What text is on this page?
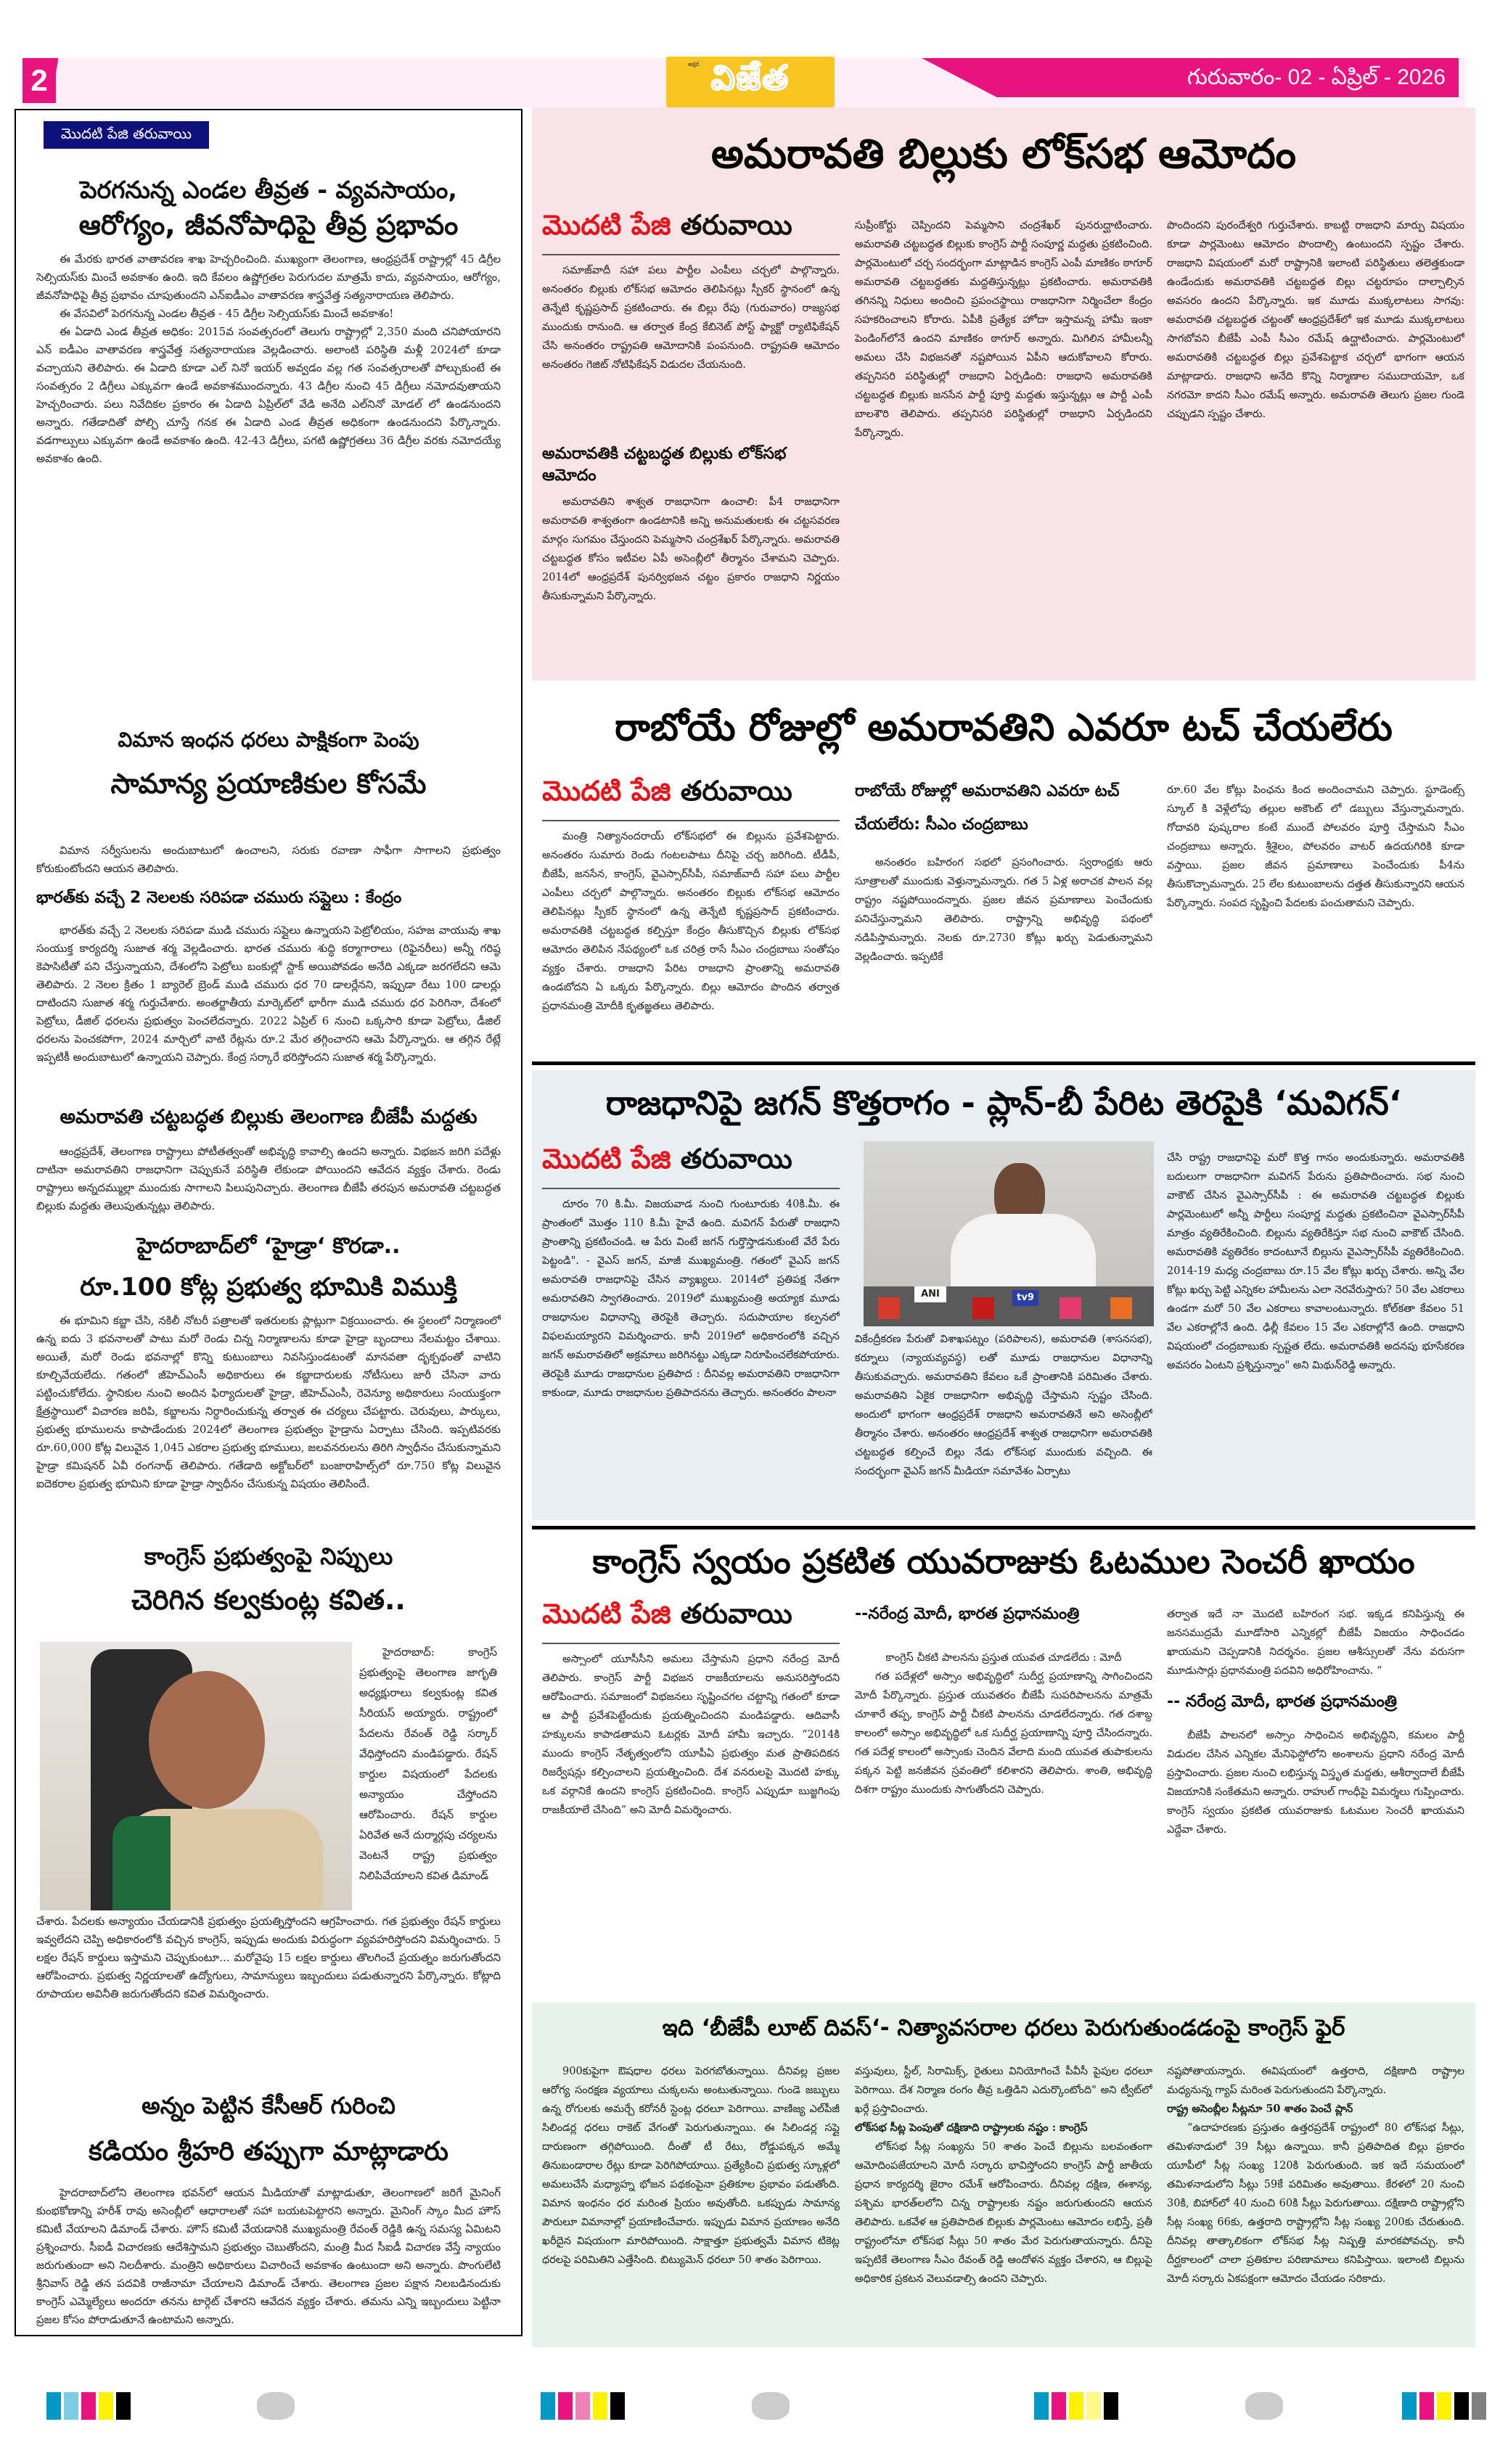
2	అక్షర విజేత	గురువారం- 02 - ఏప్రిల్ - 2026
మొదటి పేజి తరువాయి
పెరగనున్న ఎండల తీవ్రత - వ్యవసాయం,
ఆరోగ్యం, జీవనోపాధిపై తీవ్ర ప్రభావం

ఈ మేరకు భారత వాతావరణ శాఖ హెచ్చరించింది. ముఖ్యంగా తెలంగాణ, ఆంధ్రప్రదేశ్ రాష్ట్రాల్లో 45 డిగ్రీల సెల్సియస్‌కు మించే అవకాశం ఉంది. ఇది కేవలం ఉష్ణోగ్రతల పెరుగుదల మాత్రమే కాదు, వ్యవసాయం, ఆరోగ్యం, జీవనోపాధిపై తీవ్ర ప్రభావం చూపుతుందని ఎన్ఐడీఎం వాతావరణ శాస్త్రవేత్త సత్యనారాయణ తెలిపారు.

ఈ వేసవిలో పెరగనున్న ఎండల తీవ్రత - 45 డిగ్రీల సెల్సియస్‌కు మించే అవకాశం!

ఈ ఏడాది ఎండ తీవ్రత అధికం: 2015వ సంవత్సరంలో తెలుగు రాష్ట్రాల్లో 2,350 మంది చనిపోయారని ఎన్ ఐడీఎం వాతావరణ శాస్త్రవేత్త సత్యనారాయణ వెల్లడించారు. అలాంటి పరిస్థితి మళ్లీ 2024లో కూడా వచ్చాయని తెలిపారు. ఈ ఏడాది కూడా ఎల్ నినో ఇయర్ అవ్వడం వల్ల గత సంవత్సరాలతో పోల్చుకుంటే ఈ సంవత్సరం 2 డిగ్రీలు ఎక్కువగా ఉండే అవకాశముందన్నారు. 43 డిగ్రీల నుంచి 45 డిగ్రీలు నమోదవుతాయని హెచ్చరించారు. పలు నివేదికల ప్రకారం ఈ ఏడాది ఏప్రిల్‌లో వేడి అనేది ఎల్‌నినో మోడల్ లో ఉండనుందని అన్నారు. గతేడాదితో పోల్చి చూస్తే గనక ఈ ఏడాది ఎండ తీవ్రత అధికంగా ఉండనుందని పేర్కొన్నారు. వడగాల్పులు ఎక్కువగా ఉండే అవకాశం ఉంది. 42-43 డిగ్రీలు, పగటి ఉష్ణోగ్రతలు 36 డిగ్రీల వరకు నమోదయ్యే అవకాశం ఉంది.

విమాన ఇంధన ధరలు పాక్షికంగా పెంపు
సామాన్య ప్రయాణికుల కోసమే

విమాన సర్వీసులను అందుబాటులో ఉంచాలని, సరుకు రవాణా సాఫీగా సాగాలని ప్రభుత్వం కోరుకుంటోందని ఆయన తెలిపారు.

భారత్‌కు వచ్చే 2 నెలలకు సరిపడా చమురు సప్లైలు : కేంద్రం

భారత్‌కు వచ్చే 2 నెలలకు సరిపడా ముడి చమురు సప్లైలు ఉన్నాయని పెట్రోలియం, సహజ వాయువు శాఖ సంయుక్త కార్యదర్శి సుజాత శర్మ వెల్లడించారు. భారత చమురు శుద్ధి కర్మాగారాలు (రిఫైనరీలు) అన్నీ గరిష్ఠ కెపాసిటీతో పని చేస్తున్నాయని, దేశంలోని పెట్రోలు బంకుల్లో స్టాక్ అయిపోవడం అనేది ఎక్కడా జరగలేదని ఆమె తెలిపారు. 2 నెలల క్రితం 1 బ్యారెల్ బ్రెండ్ ముడి చమురు ధర 70 డాలర్లేనని, ఇప్పుడా రేటు 100 డాలర్లు దాటిందని సుజాత శర్మ గుర్తుచేశారు. అంతర్జాతీయ మార్కెట్‌లో భారీగా ముడి చమురు ధర పెరిగినా, దేశంలో పెట్రోలు, డీజిల్ ధరలను ప్రభుత్వం పెంచలేదన్నారు. 2022 ఏప్రిల్ 6 నుంచి ఒక్కసారి కూడా పెట్రోలు, డీజిల్ ధరలను పెంచకపోగా, 2024 మార్చిలో వాటి రేట్లను రూ.2 మేర తగ్గించారని ఆమె పేర్కొన్నారు. ఆ తగ్గిన రేట్లే ఇప్పటికీ అందుబాటులో ఉన్నాయని చెప్పారు. కేంద్ర సర్కారే భరిస్తోందని సుజాత శర్మ పేర్కొన్నారు.

అమరావతి చట్టబద్ధత బిల్లుకు తెలంగాణ బీజేపీ మద్దతు

ఆంధ్రప్రదేశ్, తెలంగాణ రాష్ట్రాలు పోటీతత్వంతో అభివృద్ధి కావాల్సి ఉందని అన్నారు. విభజన జరిగి పదేళ్లు దాటినా అమరావతిని రాజధానిగా చెప్పుకునే పరిస్థితి లేకుండా పోయిందని ఆవేదన వ్యక్తం చేశారు. రెండు రాష్ట్రాలు అన్నదమ్ముల్లా ముందుకు సాగాలని పిలుపునిచ్చారు. తెలంగాణ బీజేపీ తరపున అమరావతి చట్టబద్ధత బిల్లుకు మద్దతు తెలుపుతున్నట్లు తెలిపారు.

హైదరాబాద్‌లో ‘హైడ్రా‘ కొరడా..
రూ.100 కోట్ల ప్రభుత్వ భూమికి విముక్తి

ఈ భూమిని కబ్జా చేసి, నకిలీ నోటరీ పత్రాలతో ఇతరులకు ప్లాట్లుగా విక్రయించారు. ఈ స్థలంలో నిర్మాణంలో ఉన్న ఐదు 3 భవనాలతో పాటు మరో రెండు చిన్న నిర్మాణాలను కూడా హైడ్రా బృందాలు నేలమట్టం చేశాయి. అయితే, మరో రెండు భవనాల్లో కొన్ని కుటుంబాలు నివసిస్తుండటంతో మానవతా దృక్పథంతో వాటిని కూల్చివేయలేదు. గతంలో జీహెచ్ఎంసీ అధికారులు ఈ కబ్జాదారులకు నోటీసులు జారీ చేసినా వారు పట్టించుకోలేదు. స్థానికుల నుంచి అందిన ఫిర్యాదులతో హైడ్రా, జీహెచ్ఎంసీ, రెవెన్యూ అధికారులు సంయుక్తంగా క్షేత్రస్థాయిలో విచారణ జరిపి, కబ్జాలను నిర్ధారించుకున్న తర్వాత ఈ చర్యలు చేపట్టారు. చెరువులు, పార్కులు, ప్రభుత్వ భూములను కాపాడేందుకు 2024లో తెలంగాణ ప్రభుత్వం హైడ్రాను ఏర్పాటు చేసింది. ఇప్పటివరకు రూ.60,000 కోట్ల విలువైన 1,045 ఎకరాల ప్రభుత్వ భూములు, జలవనరులను తిరిగి స్వాధీనం చేసుకున్నామని హైడ్రా కమిషనర్ ఏవీ రంగనాథ్ తెలిపారు. గతేడాది అక్టోబర్‌లో బంజారాహిల్స్‌లో రూ.750 కోట్ల విలువైన ఐదెకరాల ప్రభుత్వ భూమిని కూడా హైడ్రా స్వాధీనం చేసుకున్న విషయం తెలిసిందే.

కాంగ్రెస్ ప్రభుత్వంపై నిప్పులు
చెరిగిన కల్వకుంట్ల కవిత..

హైదరాబాద్: కాంగ్రెస్ ప్రభుత్వంపై తెలంగాణ జాగృతి అధ్యక్షురాలు కల్వకుంట్ల కవిత సీరియస్ అయ్యారు. రాష్ట్రంలో పేదలను రేవంత్ రెడ్డి సర్కార్ వేధిస్తోందని మండిపడ్డారు. రేషన్ కార్డుల విషయంలో పేదలకు అన్యాయం చేస్తోందని ఆరోపించారు. రేషన్ కార్డుల ఏరివేత అనే దుర్మార్గపు చర్యలను వెంటనే రాష్ట్ర ప్రభుత్వం నిలిపివేయాలని కవిత డిమాండ్

చేశారు. పేదలకు అన్యాయం చేయడానికి ప్రభుత్వం ప్రయత్నిస్తోందని ఆగ్రహించారు. గత ప్రభుత్వం రేషన్ కార్డులు ఇవ్వలేదని చెప్పి అధికారంలోకి వచ్చిన కాంగ్రెస్, ఇప్పుడు అందుకు విరుద్ధంగా వ్యవహరిస్తోందని విమర్శించారు. 5 లక్షల రేషన్ కార్డులు ఇస్తామని చెప్పుకుంటూ... మరోవైపు 15 లక్షల కార్డులు తొలగించే ప్రయత్నం జరుగుతోందని ఆరోపించారు. ప్రభుత్వ నిర్ణయాలతో ఉద్యోగులు, సామాన్యులు ఇబ్బందులు పడుతున్నారని పేర్కొన్నారు. కోట్లాది రూపాయల అవినీతి జరుగుతోందని కవిత విమర్శించారు.

అన్నం పెట్టిన కేసీఆర్ గురించి
కడియం శ్రీహరి తప్పుగా మాట్లాడారు

హైదరాబాద్‌లోని తెలంగాణ భవన్‌లో ఆయన మీడియాతో మాట్లాడుతూ, తెలంగాణలో జరిగే మైనింగ్ కుంభకోణాన్ని హరీశ్ రావు అసెంబ్లీలో ఆధారాలతో సహా బయటపెట్టారని అన్నారు. మైనింగ్ స్కాం మీద హౌస్ కమిటీ వేయాలని డిమాండ్ చేశారు. హౌస్ కమిటీ వేయడానికి ముఖ్యమంత్రి రేవంత్ రెడ్డికి ఉన్న సమస్య ఏమిటని ప్రశ్నించారు. సీఐడీ విచారణకు ఆదేశిస్తామని ప్రభుత్వం చెబుతోందని, మంత్రి మీద సీఐడీ విచారణ వేస్తే న్యాయం జరుగుతుందా అని నిలదీశారు. మంత్రిని అధికారులు విచారించే అవకాశం ఉంటుందా అని అన్నారు. పొంగులేటి శ్రీనివాస్ రెడ్డి తన పదవికి రాజీనామా చేయాలని డిమాండ్ చేశారు. తెలంగాణ ప్రజల పక్షాన నిలబడినందుకు కాంగ్రెస్ ఎమ్మెల్యేలు అందరూ తనను టార్గెట్ చేశారని ఆవేదన వ్యక్తం చేశారు. తమను ఎన్ని ఇబ్బందులు పెట్టినా ప్రజల కోసం పోరాడుతూనే ఉంటామని అన్నారు.

అమరావతి బిల్లుకు లోక్‌సభ ఆమోదం
మొదటి పేజి తరువాయి

సమాజ్‌వాదీ సహా పలు పార్టీల ఎంపీలు చర్చలో పాల్గొన్నారు. అనంతరం బిల్లుకు లోక్‌సభ ఆమోదం తెలిపినట్లు స్పీకర్ స్థానంలో ఉన్న తెన్నేటి కృష్ణప్రసాద్ ప్రకటించారు. ఈ బిల్లు రేపు (గురువారం) రాజ్యసభ ముందుకు రానుంది. ఆ తర్వాత కేంద్ర కేబినెట్ పోస్ట్ ఫ్యాక్టో ర్యాటిఫికేషన్ చేసి అనంతరం రాష్ట్రపతి ఆమోదానికి పంపనుంది. రాష్ట్రపతి ఆమోదం అనంతరం గెజిట్ నోటిఫికేషన్ విడుదల చేయనుంది.

అమరావతికి చట్టబద్ధత బిల్లుకు లోక్‌సభ ఆమోదం

అమరావతిని శాశ్వత రాజధానిగా ఉంచాలి: పీ4 రాజధానిగా అమరావతి శాశ్వతంగా ఉండటానికి అన్ని అనుమతులకు ఈ చట్టసవరణ మార్గం సుగమం చేస్తుందని పెమ్మసాని చంద్రశేఖర్ పేర్కొన్నారు. అమరావతి చట్టబద్ధత కోసం ఇటీవల ఏపీ అసెంబ్లీలో తీర్మానం చేశామని చెప్పారు. 2014లో ఆంధ్రప్రదేశ్ పునర్విభజన చట్టం ప్రకారం రాజధాని నిర్ణయం తీసుకున్నామని పేర్కొన్నారు.

సుప్రీంకోర్టు చెప్పిందని పెమ్మసాని చంద్రశేఖర్ పునరుద్ఘాటించారు. అమరావతి చట్టబద్ధత బిల్లుకు కాంగ్రెస్ పార్టీ సంపూర్ణ మద్దతు ప్రకటించింది. పార్లమెంటులో చర్చ సందర్భంగా మాట్లాడిన కాంగ్రెస్ ఎంపీ మాణికం ఠాగూర్ అమరావతి చట్టబద్ధతకు మద్దతిస్తున్నట్లు ప్రకటించారు. అమరావతికి తగినన్ని నిధులు అందించి ప్రపంచస్థాయి రాజధానిగా నిర్మించేలా కేంద్రం సహకరించాలని కోరారు. ఏపీకి ప్రత్యేక హోదా ఇస్తామన్న హామీ ఇంకా పెండింగ్‌లోనే ఉందని మాణికం ఠాగూర్ అన్నారు. మిగిలిన హామీలన్నీ అమలు చేసి విభజనతో నష్టపోయిన ఏపీని ఆదుకోవాలని కోరారు. తప్పనిసరి పరిస్థితుల్లో రాజధాని ఏర్పడింది: రాజధాని అమరావతికి చట్టబద్ధత బిల్లుకు జనసేన పార్టీ పూర్తి మద్దతు ఇస్తున్నట్లు ఆ పార్టీ ఎంపీ బాలశౌరి తెలిపారు. తప్పనిసరి పరిస్థితుల్లో రాజధాని ఏర్పడిందని పేర్కొన్నారు.

పొందిందని పురందేశ్వరి గుర్తుచేశారు. కాబట్టి రాజధాని మార్పు విషయం కూడా పార్లమెంటు ఆమోదం పొందాల్సి ఉంటుందని స్పష్టం చేశారు. రాజధాని విషయంలో మరో రాష్ట్రానికి ఇలాంటి పరిస్థితులు తలెత్తకుండా ఉండేందుకు అమరావతికి చట్టబద్ధత బిల్లు చట్టరూపం దాల్చాల్సిన అవసరం ఉందని పేర్కొన్నారు. ఇక మూడు ముక్కలాటలు సాగవు: అమరావతి చట్టబద్ధత చట్టంతో ఆంధ్రప్రదేశ్‌లో ఇక మూడు ముక్కలాటలు సాగబోవని బీజేపీ ఎంపీ సీఎం రమేష్ ఉద్ఘాటించారు. పార్లమెంటులో అమరావతికి చట్టబద్ధత బిల్లు ప్రవేశపెట్టాక చర్చలో భాగంగా ఆయన మాట్లాడారు. రాజధాని అనేది కొన్ని నిర్మాణాల సముదాయమో, ఒక నగరమో కాదని సీఎం రమేష్ అన్నారు. అమరావతి తెలుగు ప్రజల గుండె చప్పుడని స్పష్టం చేశారు.

రాబోయే రోజుల్లో అమరావతిని ఎవరూ టచ్ చేయలేరు
మొదటి పేజి తరువాయి

మంత్రి నిత్యానందరాయ్ లోక్‌సభలో ఈ బిల్లును ప్రవేశపెట్టారు. అనంతరం సుమారు రెండు గంటలపాటు దీనిపై చర్చ జరిగింది. టీడీపీ, బీజేపీ, జనసేన, కాంగ్రెస్, వైఎస్సార్‌సీపీ, సమాజ్‌వాదీ సహా పలు పార్టీల ఎంపీలు చర్చలో పాల్గొన్నారు. అనంతరం బిల్లుకు లోక్‌సభ ఆమోదం తెలిపినట్లు స్పీకర్ స్థానంలో ఉన్న తెన్నేటి కృష్ణప్రసాద్ ప్రకటించారు. అమరావతికి చట్టబద్ధత కల్పిస్తూ కేంద్రం తీసుకొచ్చిన బిల్లుకు లోక్‌సభ ఆమోదం తెలిపిన నేపథ్యంలో ఒక చరిత్ర రాసే సీఎం చంద్రబాబు సంతోషం వ్యక్తం చేశారు. రాజధాని పేరిట రాజధాని ప్రాంతాన్ని అమరావతి ఉండబోదని ఏ ఒక్కరు పేర్కొన్నారు. బిల్లు ఆమోదం పొందిన తర్వాత ప్రధానమంత్రి మోదీకి కృతజ్ఞతలు తెలిపారు.

రాబోయే రోజుల్లో అమరావతిని ఎవరూ టచ్ చేయలేరు: సీఎం చంద్రబాబు

అనంతరం బహిరంగ సభలో ప్రసంగించారు. స్వరాంధ్రకు ఆరు సూత్రాలతో ముందుకు వెళ్తున్నామన్నారు. గత 5 ఏళ్ల అరాచక పాలన వల్ల రాష్ట్రం నష్టపోయిందన్నారు. ప్రజల జీవన ప్రమాణాలు పెంచేందుకు పనిచేస్తున్నామని తెలిపారు. రాష్ట్రాన్ని అభివృద్ధి పథంలో నడిపిస్తామన్నారు. నెలకు రూ.2730 కోట్లు ఖర్చు పెడుతున్నామని వెల్లడించారు. ఇప్పటికే

రూ.60 వేల కోట్లు పింఛను కింద అందించామని చెప్పారు. స్టూడెంట్స్ స్కూల్ కి వెళ్లేలోపు తల్లుల అకౌంట్ లో డబ్బులు వేస్తున్నామన్నారు. గోదావరి పుష్కరాల కంటే ముందే పోలవరం పూర్తి చేస్తామని సీఎం చంద్రబాబు అన్నారు. శ్రీశైలం, పోలవరం వాటర్ ఉదయగిరికి కూడా వస్తాయి. ప్రజల జీవన ప్రమాణాలు పెంచేందుకు పీ4ను తీసుకొచ్చామన్నారు. 25 లేల కుటుంబాలను దత్తత తీసుకున్నారని ఆయన పేర్కొన్నారు. సంపద సృష్టించి పేదలకు పంచుతామని చెప్పారు.

రాజధానిపై జగన్ కొత్తరాగం - ప్లాన్-బీ పేరిట తెరపైకి ‘మవిగన్‘
మొదటి పేజి తరువాయి

దూరం 70 కి.మీ. విజయవాడ నుంచి గుంటూరుకు 40కి.మీ. ఈ ప్రాంతంలో మొత్తం 110 కి.మీ హైవే ఉంది. మవిగన్ పేరుతో రాజధాని ప్రాంతాన్ని ప్రకటించండి. ఆ పేరు వింటే జగన్ గుర్తొస్తాడనుకుంటే వేరే పేరు పెట్టండి". - వైఎస్ జగన్, మాజీ ముఖ్యమంత్రి. గతంలో వైఎస్ జగన్ అమరావతి రాజధానిపై చేసిన వ్యాఖ్యలు. 2014లో ప్రతిపక్ష నేతగా అమరావతిని స్వాగతించారు. 2019లో ముఖ్యమంత్రి అయ్యాక మూడు రాజధానుల విధానాన్ని తెరపైకి తెచ్చారు. సదుపాయాల కల్పనలో విఫలమయ్యారని విమర్శించారు. కానీ 2019లో అధికారంలోకి వచ్చిన జగన్ అమరావతిలో అక్రమాలు జరిగినట్టు ఎక్కడా నిరూపించలేకపోయారు. తెరపైకి మూడు రాజధానుల ప్రతిపాద : దీనివల్ల అమరావతిని రాజధానిగా కాకుండా, మూడు రాజధానుల ప్రతిపాదనను తెచ్చారు. అనంతరం పాలనా

ANI	tv9

వికేంద్రీకరణ పేరుతో విశాఖపట్నం (పరిపాలన), అమరావతి (శాసనసభ), కర్నూలు (న్యాయవ్యవస్థ) లతో మూడు రాజధానుల విధానాన్ని తీసుకువచ్చారు. అమరావతిని కేవలం ఒకే ప్రాంతానికి పరిమితం చేశారు. అమరావతిని ఏకైక రాజధానిగా అభివృద్ధి చేస్తామని స్పష్టం చేసింది. అందులో భాగంగా ఆంధ్రప్రదేశ్ రాజధాని అమరావతినే అని అసెంబ్లీలో తీర్మానం చేశారు. అనంతరం ఆంధ్రప్రదేశ్ శాశ్వత రాజధానిగా అమరావతికి చట్టబద్ధత కల్పించే బిల్లు నేడు లోక్‌సభ ముందుకు వచ్చింది. ఈ సందర్భంగా వైఎస్ జగన్ మీడియా సమావేశం ఏర్పాటు

చేసి రాష్ట్ర రాజధానిపై మరో కొత్త గానం అందుకున్నారు. అమరావతికి బదులుగా రాజధానిగా మవిగన్ పేరును ప్రతిపాదించారు. సభ నుంచి వాకౌట్ చేసిన వైఎస్సార్‌సీపీ : ఈ అమరావతి చట్టబద్ధత బిల్లుకు పార్లమెంటులో అన్నీ పార్టీలు సంపూర్ణ మద్దతు ప్రకటించినా వైఎస్సార్‌సీపీ మాత్రం వ్యతిరేకించింది. బిల్లును వ్యతిరేకిస్తూ సభ నుంచి వాకౌట్ చేసింది. అమరావతికి వ్యతిరేకం కాదంటూనే బిల్లును వైఎస్సార్‌సీపీ వ్యతిరేకించింది. 2014-19 మధ్య చంద్రబాబు రూ.15 వేల కోట్లు ఖర్చు చేశారు. అన్ని వేల కోట్లు ఖర్చు పెట్టి ఎన్నికల హామీలను ఎలా నెరవేరుస్తారు? 50 వేల ఎకరాలు ఉండగా మరో 50 వేల ఎకరాలు కావాలంటున్నారు. కోల్‌కతా కేవలం 51 వేల ఎకరాల్లోనే ఉంది. ఢిల్లీ కేవలం 15 వేల ఎకరాల్లోనే ఉంది. రాజధాని విషయంలో చంద్రబాబుకు స్పష్టత లేదు. అమరావతికి అదనపు భూసేకరణ అవసరం ఏంటని ప్రశ్నిస్తున్నాం" అని మిథున్‌రెడ్డి అన్నారు.

కాంగ్రెస్ స్వయం ప్రకటిత యువరాజుకు ఓటముల సెంచరీ ఖాయం
మొదటి పేజి తరువాయి

అస్సాంలో యూసీసీని అమలు చేస్తామని ప్రధాని నరేంద్ర మోదీ తెలిపారు. కాంగ్రెస్ పార్టీ విభజన రాజకీయాలను అనుసరిస్తోందని ఆరోపించారు. సమాజంలో విభజనలు సృష్టించగల చట్టాన్ని గతంలో కూడా ఆ పార్టీ ప్రవేశపెట్టేందుకు ప్రయత్నించిందని మండిపడ్డారు. ఆదివాసీ హక్కులను కాపాడతామని ఓటర్లకు మోదీ హామీ ఇచ్చారు. “2014కి ముందు కాంగ్రెస్ నేతృత్వంలోని యూపీఏ ప్రభుత్వం మత ప్రాతిపదికన రిజర్వేషన్లు కల్పించాలని ప్రయత్నించింది. దేశ వనరులపై మొదటి హక్కు ఒక వర్గానికే ఉందని కాంగ్రెస్ ప్రకటించింది. కాంగ్రెస్ ఎప్పుడూ బుజ్జగింపు రాజకీయాలే చేసింది” అని మోదీ విమర్శించారు.

--నరేంద్ర మోదీ, భారత ప్రధానమంత్రి
కాంగ్రెస్ చీకటి పాలనను ప్రస్తుత యువత చూడలేదు : మోదీ

గత పదేళ్లలో అస్సాం అభివృద్ధిలో సుదీర్ఘ ప్రయాణాన్ని సాగించిందని మోదీ పేర్కొన్నారు. ప్రస్తుత యువతరం బీజేపీ సుపరిపాలనను మాత్రమే చూశారే తప్ప, కాంగ్రెస్ పార్టీ చీకటి పాలనను చూడలేదన్నారు. గత దశాబ్ద కాలంలో అస్సాం అభివృద్ధిలో ఒక సుదీర్ఘ ప్రయాణాన్ని పూర్తి చేసిందన్నారు. గత పదేళ్ల కాలంలో అస్సాంకు చెందిన వేలాది మంది యువత తుపాకులను పక్కన పెట్టి జనజీవన స్రవంతిలో కలిశారని తెలిపారు. శాంతి, అభివృద్ధి దిశగా రాష్ట్రం ముందుకు సాగుతోందని చెప్పారు.

తర్వాత ఇదే నా మొదటి బహిరంగ సభ. ఇక్కడ కనిపిస్తున్న ఈ జనసముద్రమే మూడోసారి ఎన్నికల్లో బీజేపీ విజయం సాధించడం ఖాయమని చెప్పడానికి నిదర్శనం. ప్రజల ఆశీస్సులతో నేను వరుసగా మూడుసార్లు ప్రధానమంత్రి పదవిని అధిరోహించాను. “

-- నరేంద్ర మోదీ, భారత ప్రధానమంత్రి

బీజేపీ పాలనలో అస్సాం సాధించిన అభివృద్ధిని, కమలం పార్టీ విడుదల చేసిన ఎన్నికల మేనిఫెస్టోలోని అంశాలను ప్రధాని నరేంద్ర మోదీ ప్రస్తావించారు. ప్రజల నుంచి లభిస్తున్న విస్తృత మద్దతు, ఆశీర్వాదాలే బీజేపీ విజయానికి సంకేతమని అన్నారు. రాహుల్ గాంధీపై విమర్శలు గుప్పించారు. కాంగ్రెస్ స్వయం ప్రకటిత యువరాజుకు ఓటముల సెంచరీ ఖాయమని ఎద్దేవా చేశారు.

ఇది ‘బీజేపీ లూట్ దివస్‘- నిత్యావసరాల ధరలు పెరుగుతుండడంపై కాంగ్రెస్ ఫైర్

900కుపైగా ఔషధాల ధరలు పెరగబోతున్నాయి. దీనివల్ల ప్రజల ఆరోగ్య సంరక్షణ వ్యయాలు చుక్కలను అంటుతున్నాయి. గుండె జబ్బులు ఉన్న రోగులకు అమర్చే కరోనరీ స్టెంట్ల ధరలూ పెరిగాయి. వాణిజ్య ఎల్‌పీజీ సిలిండర్ల ధరలు రాకెట్ వేగంతో పెరుగుతున్నాయి. ఈ సిలిండర్ల సప్లై దారుణంగా తగ్గిపోయింది. దీంతో టీ రేటు, రోడ్డుపక్కన అమ్మే తినుబండారాల రేట్లు కూడా పెరిగిపోయాయి. ప్రత్యేకించి ప్రభుత్వ స్కూళ్లలో అమలుచేసే మధ్యాహ్న భోజన పథకంపైనా ప్రతికూల ప్రభావం పడుతోంది. విమాన ఇంధనం ధర మరింత ప్రియం అవుతోంది. ఒకప్పుడు సామాన్య పౌరులూ విమానాల్లో ప్రయాణించేవారు. ఇప్పుడు విమాన ప్రయాణం అనేది ఖరీదైన విషయంగా మారిపోయింది. సాక్షాత్తూ ప్రభుత్వమే విమాన టికెట్ల ధరలపై పరిమితిని ఎత్తేసింది. బిట్యుమెన్ ధరలూ 50 శాతం పెరిగాయి.

వస్తువులు, స్టీల్, సిరామిక్స్, రైతులు వినియోగించే పీవీసీ పైపుల ధరలూ పెరిగాయి. దేశ నిర్మాణ రంగం తీవ్ర ఒత్తిడిని ఎదుర్కొంటోంది" అని ట్వీట్‌లో ఖర్గే ప్రస్తావించారు.

లోక్‌సభ సీట్ల పెంపుతో దక్షిణాది రాష్ట్రాలకు నష్టం : కాంగ్రెస్

లోక్‌సభ సీట్ల సంఖ్యను 50 శాతం పెంచే బిల్లును బలవంతంగా ఆమోదింపజేయాలని మోదీ సర్కారు భావిస్తోందని కాంగ్రెస్ పార్టీ జాతీయ ప్రధాన కార్యదర్శి జైరాం రమేశ్ ఆరోపించారు. దీనివల్ల దక్షిణ, ఈశాన్య, పశ్చిమ భారత్‌లలోని చిన్న రాష్ట్రాలకు నష్టం జరుగుతుందని ఆయన తెలిపారు. ఒకవేళ ఆ ప్రతిపాదిత బిల్లుకు పార్లమెంటు ఆమోదం లభిస్తే, ప్రతీ రాష్ట్రంలోనూ లోక్‌సభ సీట్లు 50 శాతం మేర పెరుగుతాయన్నారు. దీనిపై ఇప్పటికే తెలంగాణ సీఎం రేవంత్ రెడ్డి ఆందోళన వ్యక్తం చేశారని, ఆ బిల్లుపై అధికారిక ప్రకటన వెలువడాల్సి ఉందని చెప్పారు.

నష్టపోతాయన్నారు. ఈవిషయంలో ఉత్తరాది, దక్షిణాది రాష్ట్రాల మధ్యనున్న గ్యాప్ మరింత పెరుగుతుందని పేర్కొన్నారు.

రాష్ట్ర అసెంబ్లీల సీట్లనూ 50 శాతం పెంచే ప్లాన్

“ఉదాహరణకు ప్రస్తుతం ఉత్తరప్రదేశ్ రాష్ట్రంలో 80 లోక్‌సభ సీట్లు, తమిళనాడులో 39 సీట్లు ఉన్నాయి. కానీ ప్రతిపాదిత బిల్లు ప్రకారం యూపీలో సీట్ల సంఖ్య 120కి పెరుగుతుంది. ఇక ఇదే సమయంలో తమిళనాడులోని సీట్లు 59కే పరిమితం అవుతాయి. కేరళలో 20 నుంచి 30కి, బిహార్‌లో 40 నుంచి 60కి సీట్లు పెరుగుతాయి. దక్షిణాది రాష్ట్రాల్లోని సీట్ల సంఖ్య 66కు, ఉత్తరాది రాష్ట్రాల్లోని సీట్ల సంఖ్య 200కు చేరుతుంది. దీనివల్ల తాత్కాలికంగా లోక్‌సభ సీట్ల నిష్పత్తి మారకపోవచ్చు. కానీ దీర్ఘకాలంలో చాలా ప్రతికూల పరిణామాలు కనిపిస్తాయి. ఇలాంటి బిల్లును మోదీ సర్కారు ఏకపక్షంగా ఆమోదం చేయడం సరికాదు.
